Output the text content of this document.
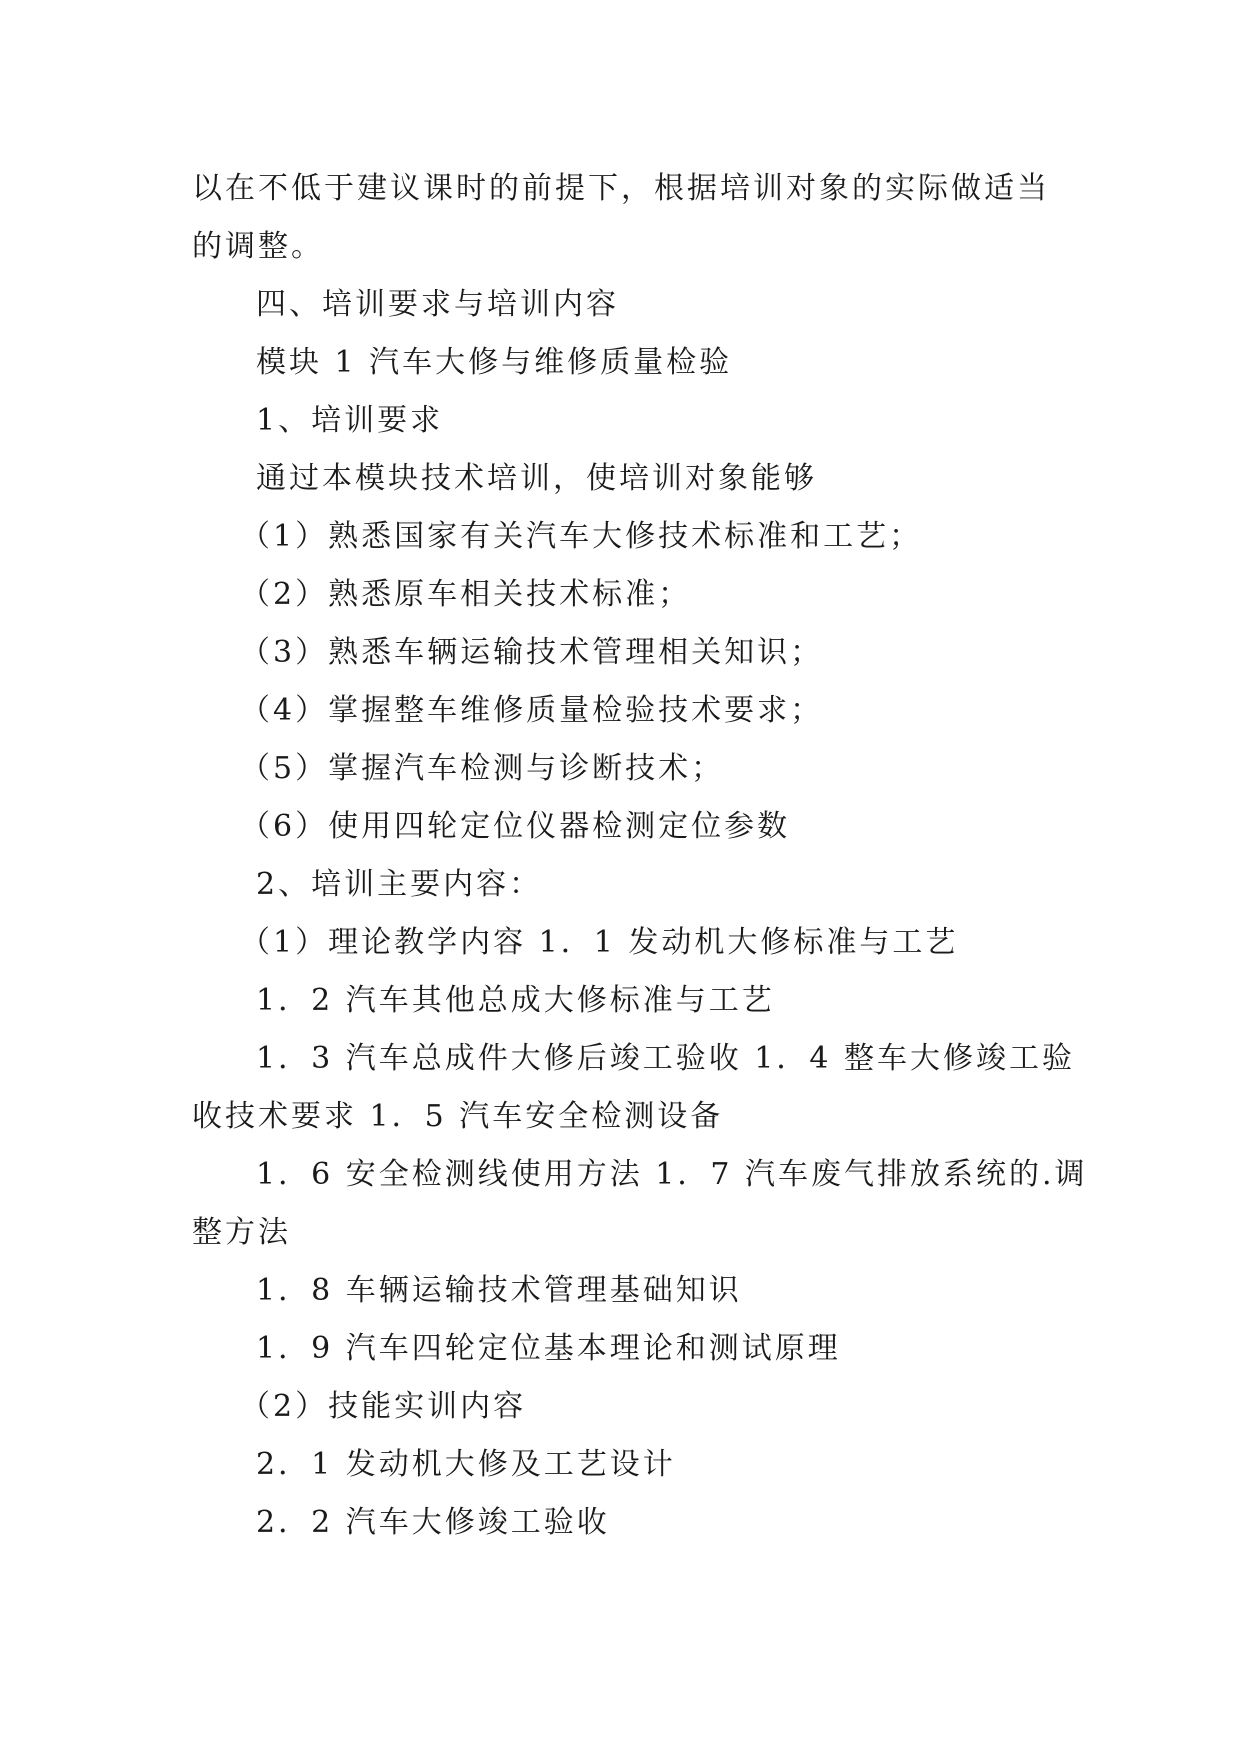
以在不低于建议课时的前提下，根据培训对象的实际做适当
的调整。
四、培训要求与培训内容
模块 1 汽车大修与维修质量检验
1、培训要求
通过本模块技术培训，使培训对象能够
（1）熟悉国家有关汽车大修技术标准和工艺；
（2）熟悉原车相关技术标准；
（3）熟悉车辆运输技术管理相关知识；
（4）掌握整车维修质量检验技术要求；
（5）掌握汽车检测与诊断技术；
（6）使用四轮定位仪器检测定位参数
2、培训主要内容：
（1）理论教学内容 1．1 发动机大修标准与工艺
1．2 汽车其他总成大修标准与工艺
1．3 汽车总成件大修后竣工验收 1．4 整车大修竣工验
收技术要求 1．5 汽车安全检测设备
1．6 安全检测线使用方法 1．7 汽车废气排放系统的.调
整方法
1．8 车辆运输技术管理基础知识
1．9 汽车四轮定位基本理论和测试原理
（2）技能实训内容
2．1 发动机大修及工艺设计
2．2 汽车大修竣工验收
